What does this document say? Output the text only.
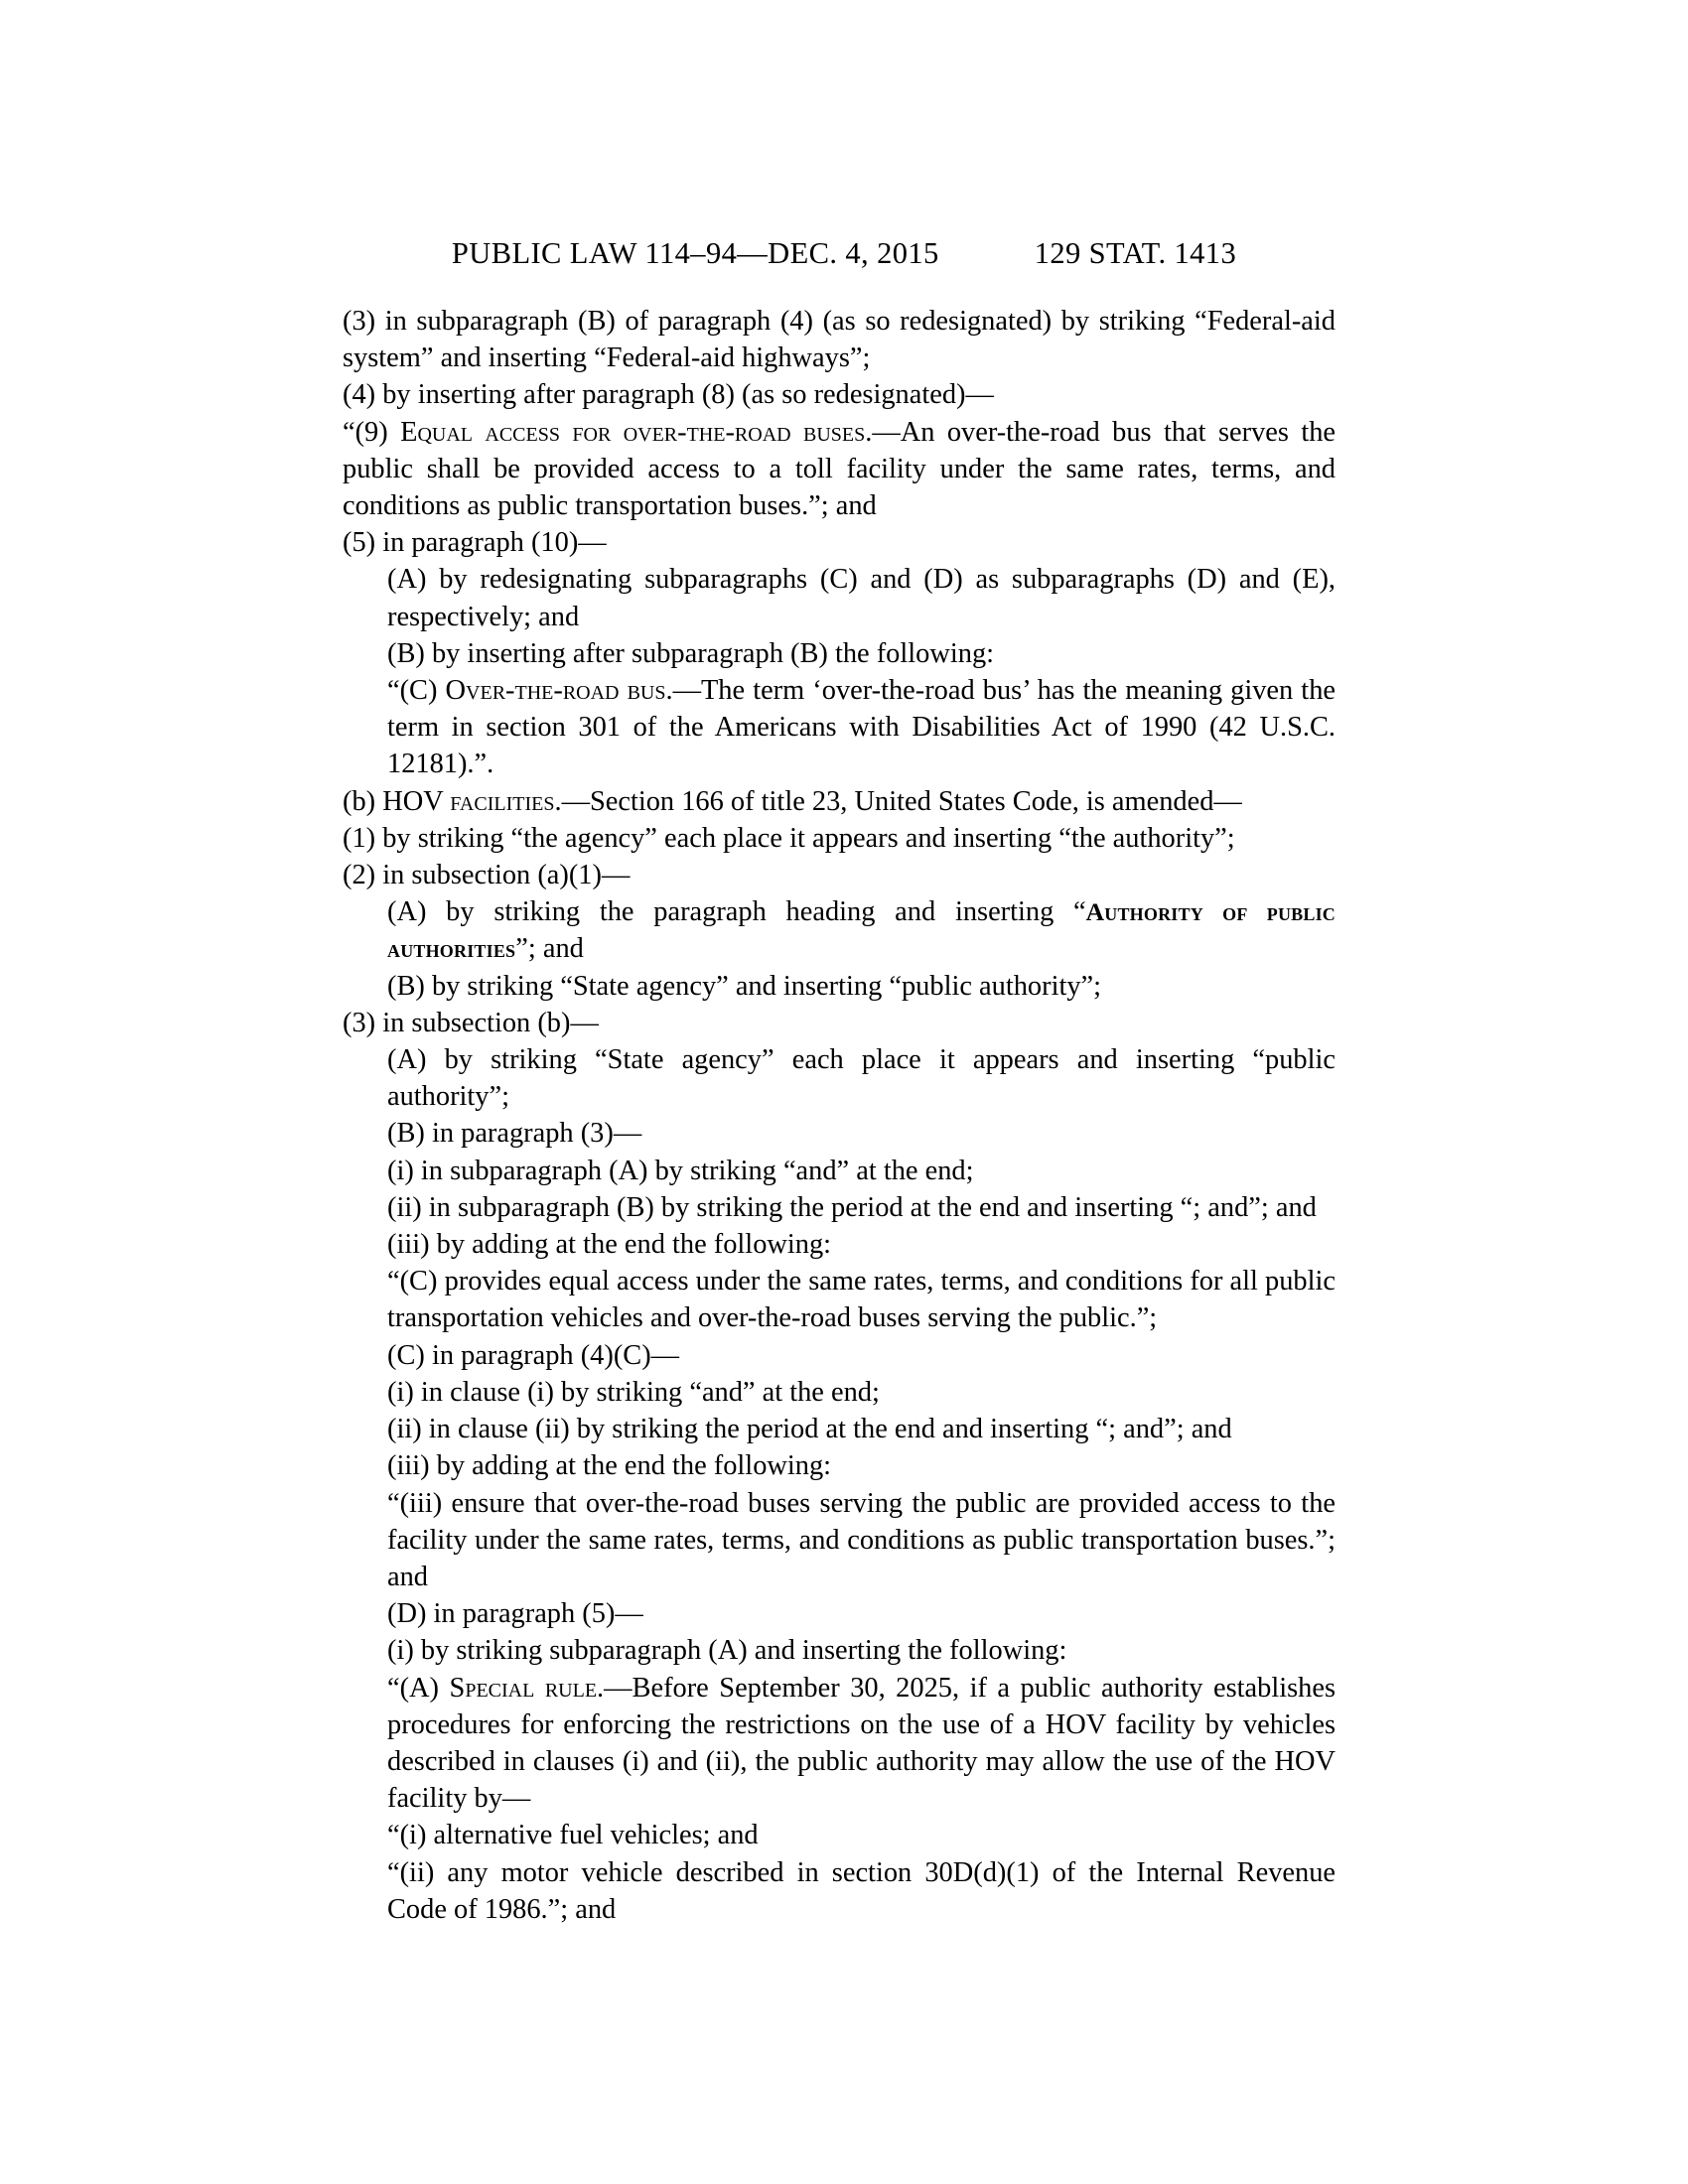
PUBLIC LAW 114–94—DEC. 4, 2015	129 STAT. 1413

(3) in subparagraph (B) of paragraph (4) (as so redesignated) by striking “Federal-aid system” and inserting “Federal-aid highways”;

(4) by inserting after paragraph (8) (as so redesignated)—

“(9) Equal access for over-the-road buses.—An over-the-road bus that serves the public shall be provided access to a toll facility under the same rates, terms, and conditions as public transportation buses.”; and

(5) in paragraph (10)—

(A) by redesignating subparagraphs (C) and (D) as subparagraphs (D) and (E), respectively; and

(B) by inserting after subparagraph (B) the following:

“(C) Over-the-road bus.—The term ‘over-the-road bus’ has the meaning given the term in section 301 of the Americans with Disabilities Act of 1990 (42 U.S.C. 12181).”.

(b) HOV facilities.—Section 166 of title 23, United States Code, is amended—

(1) by striking “the agency” each place it appears and inserting “the authority”;

(2) in subsection (a)(1)—

(A) by striking the paragraph heading and inserting “Authority of public authorities”; and

(B) by striking “State agency” and inserting “public authority”;

(3) in subsection (b)—

(A) by striking “State agency” each place it appears and inserting “public authority”;

(B) in paragraph (3)—

(i) in subparagraph (A) by striking “and” at the end;

(ii) in subparagraph (B) by striking the period at the end and inserting “; and”; and

(iii) by adding at the end the following:

“(C) provides equal access under the same rates, terms, and conditions for all public transportation vehicles and over-the-road buses serving the public.”;

(C) in paragraph (4)(C)—

(i) in clause (i) by striking “and” at the end;

(ii) in clause (ii) by striking the period at the end and inserting “; and”; and

(iii) by adding at the end the following:

“(iii) ensure that over-the-road buses serving the public are provided access to the facility under the same rates, terms, and conditions as public transportation buses.”; and

(D) in paragraph (5)—

(i) by striking subparagraph (A) and inserting the following:

“(A) Special rule.—Before September 30, 2025, if a public authority establishes procedures for enforcing the restrictions on the use of a HOV facility by vehicles described in clauses (i) and (ii), the public authority may allow the use of the HOV facility by—

“(i) alternative fuel vehicles; and

“(ii) any motor vehicle described in section 30D(d)(1) of the Internal Revenue Code of 1986.”; and
